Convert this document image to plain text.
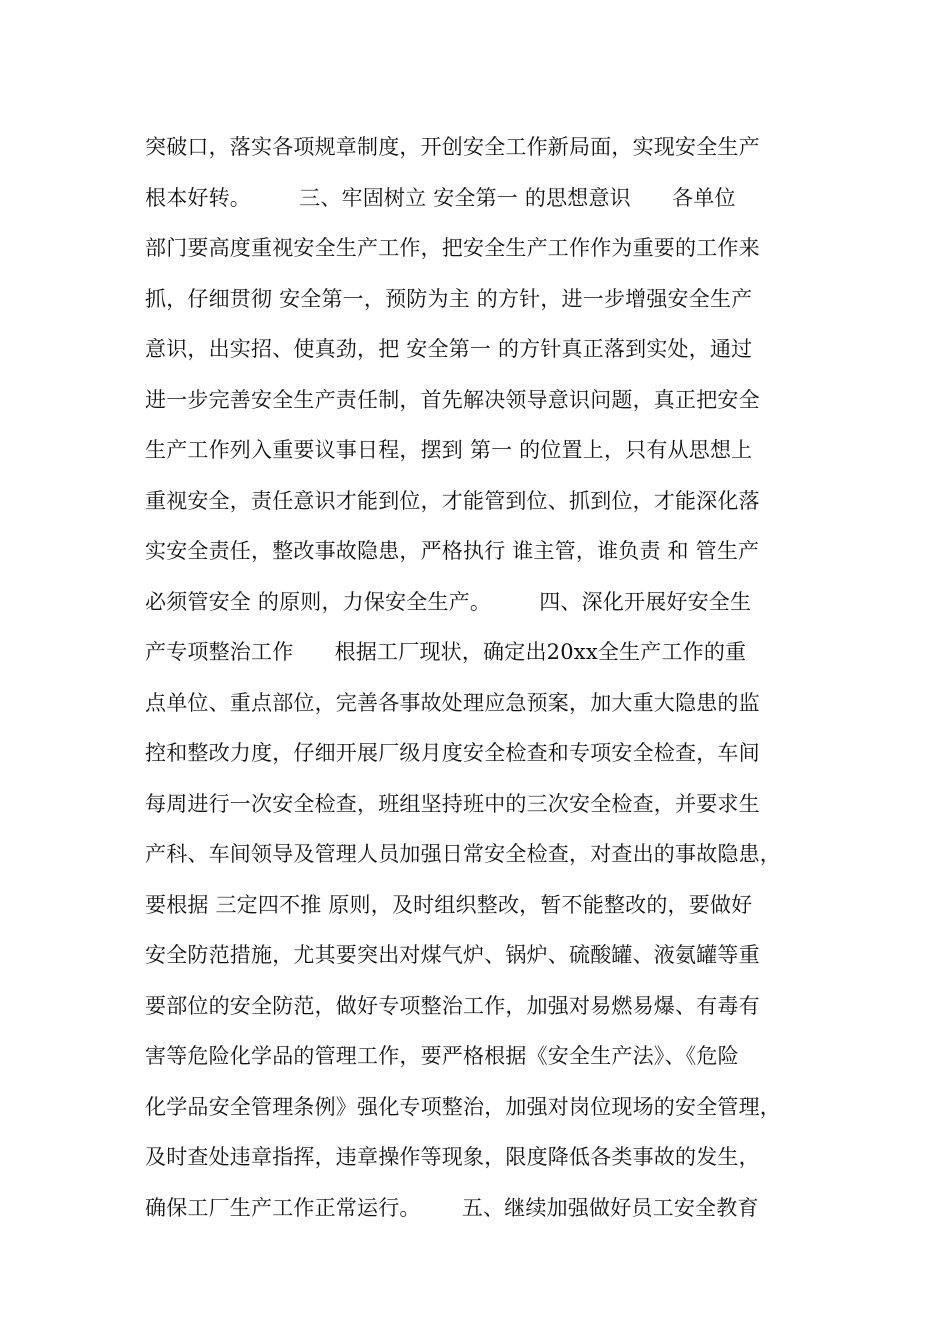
突破口，落实各项规章制度，开创安全工作新局面，实现安全生产
根本好转。       三、牢固树立 安全第一 的思想意识      各单位
部门要高度重视安全生产工作，把安全生产工作作为重要的工作来
抓，仔细贯彻 安全第一，预防为主 的方针，进一步增强安全生产
意识，出实招、使真劲，把 安全第一 的方针真正落到实处，通过
进一步完善安全生产责任制，首先解决领导意识问题，真正把安全
生产工作列入重要议事日程，摆到 第一 的位置上，只有从思想上
重视安全，责任意识才能到位，才能管到位、抓到位，才能深化落
实安全责任，整改事故隐患，严格执行 谁主管，谁负责 和 管生产
必须管安全 的原则，力保安全生产。       四、深化开展好安全生
产专项整治工作      根据工厂现状，确定出20xx全生产工作的重
点单位、重点部位，完善各事故处理应急预案，加大重大隐患的监
控和整改力度，仔细开展厂级月度安全检查和专项安全检查，车间
每周进行一次安全检查，班组坚持班中的三次安全检查，并要求生
产科、车间领导及管理人员加强日常安全检查，对查出的事故隐患，
要根据 三定四不推 原则，及时组织整改，暂不能整改的，要做好
安全防范措施，尤其要突出对煤气炉、锅炉、硫酸罐、液氨罐等重
要部位的安全防范，做好专项整治工作，加强对易燃易爆、有毒有
害等危险化学品的管理工作，要严格根据《安全生产法》、《危险
化学品安全管理条例》强化专项整治，加强对岗位现场的安全管理，
及时查处违章指挥，违章操作等现象，限度降低各类事故的发生，
确保工厂生产工作正常运行。      五、继续加强做好员工安全教育
